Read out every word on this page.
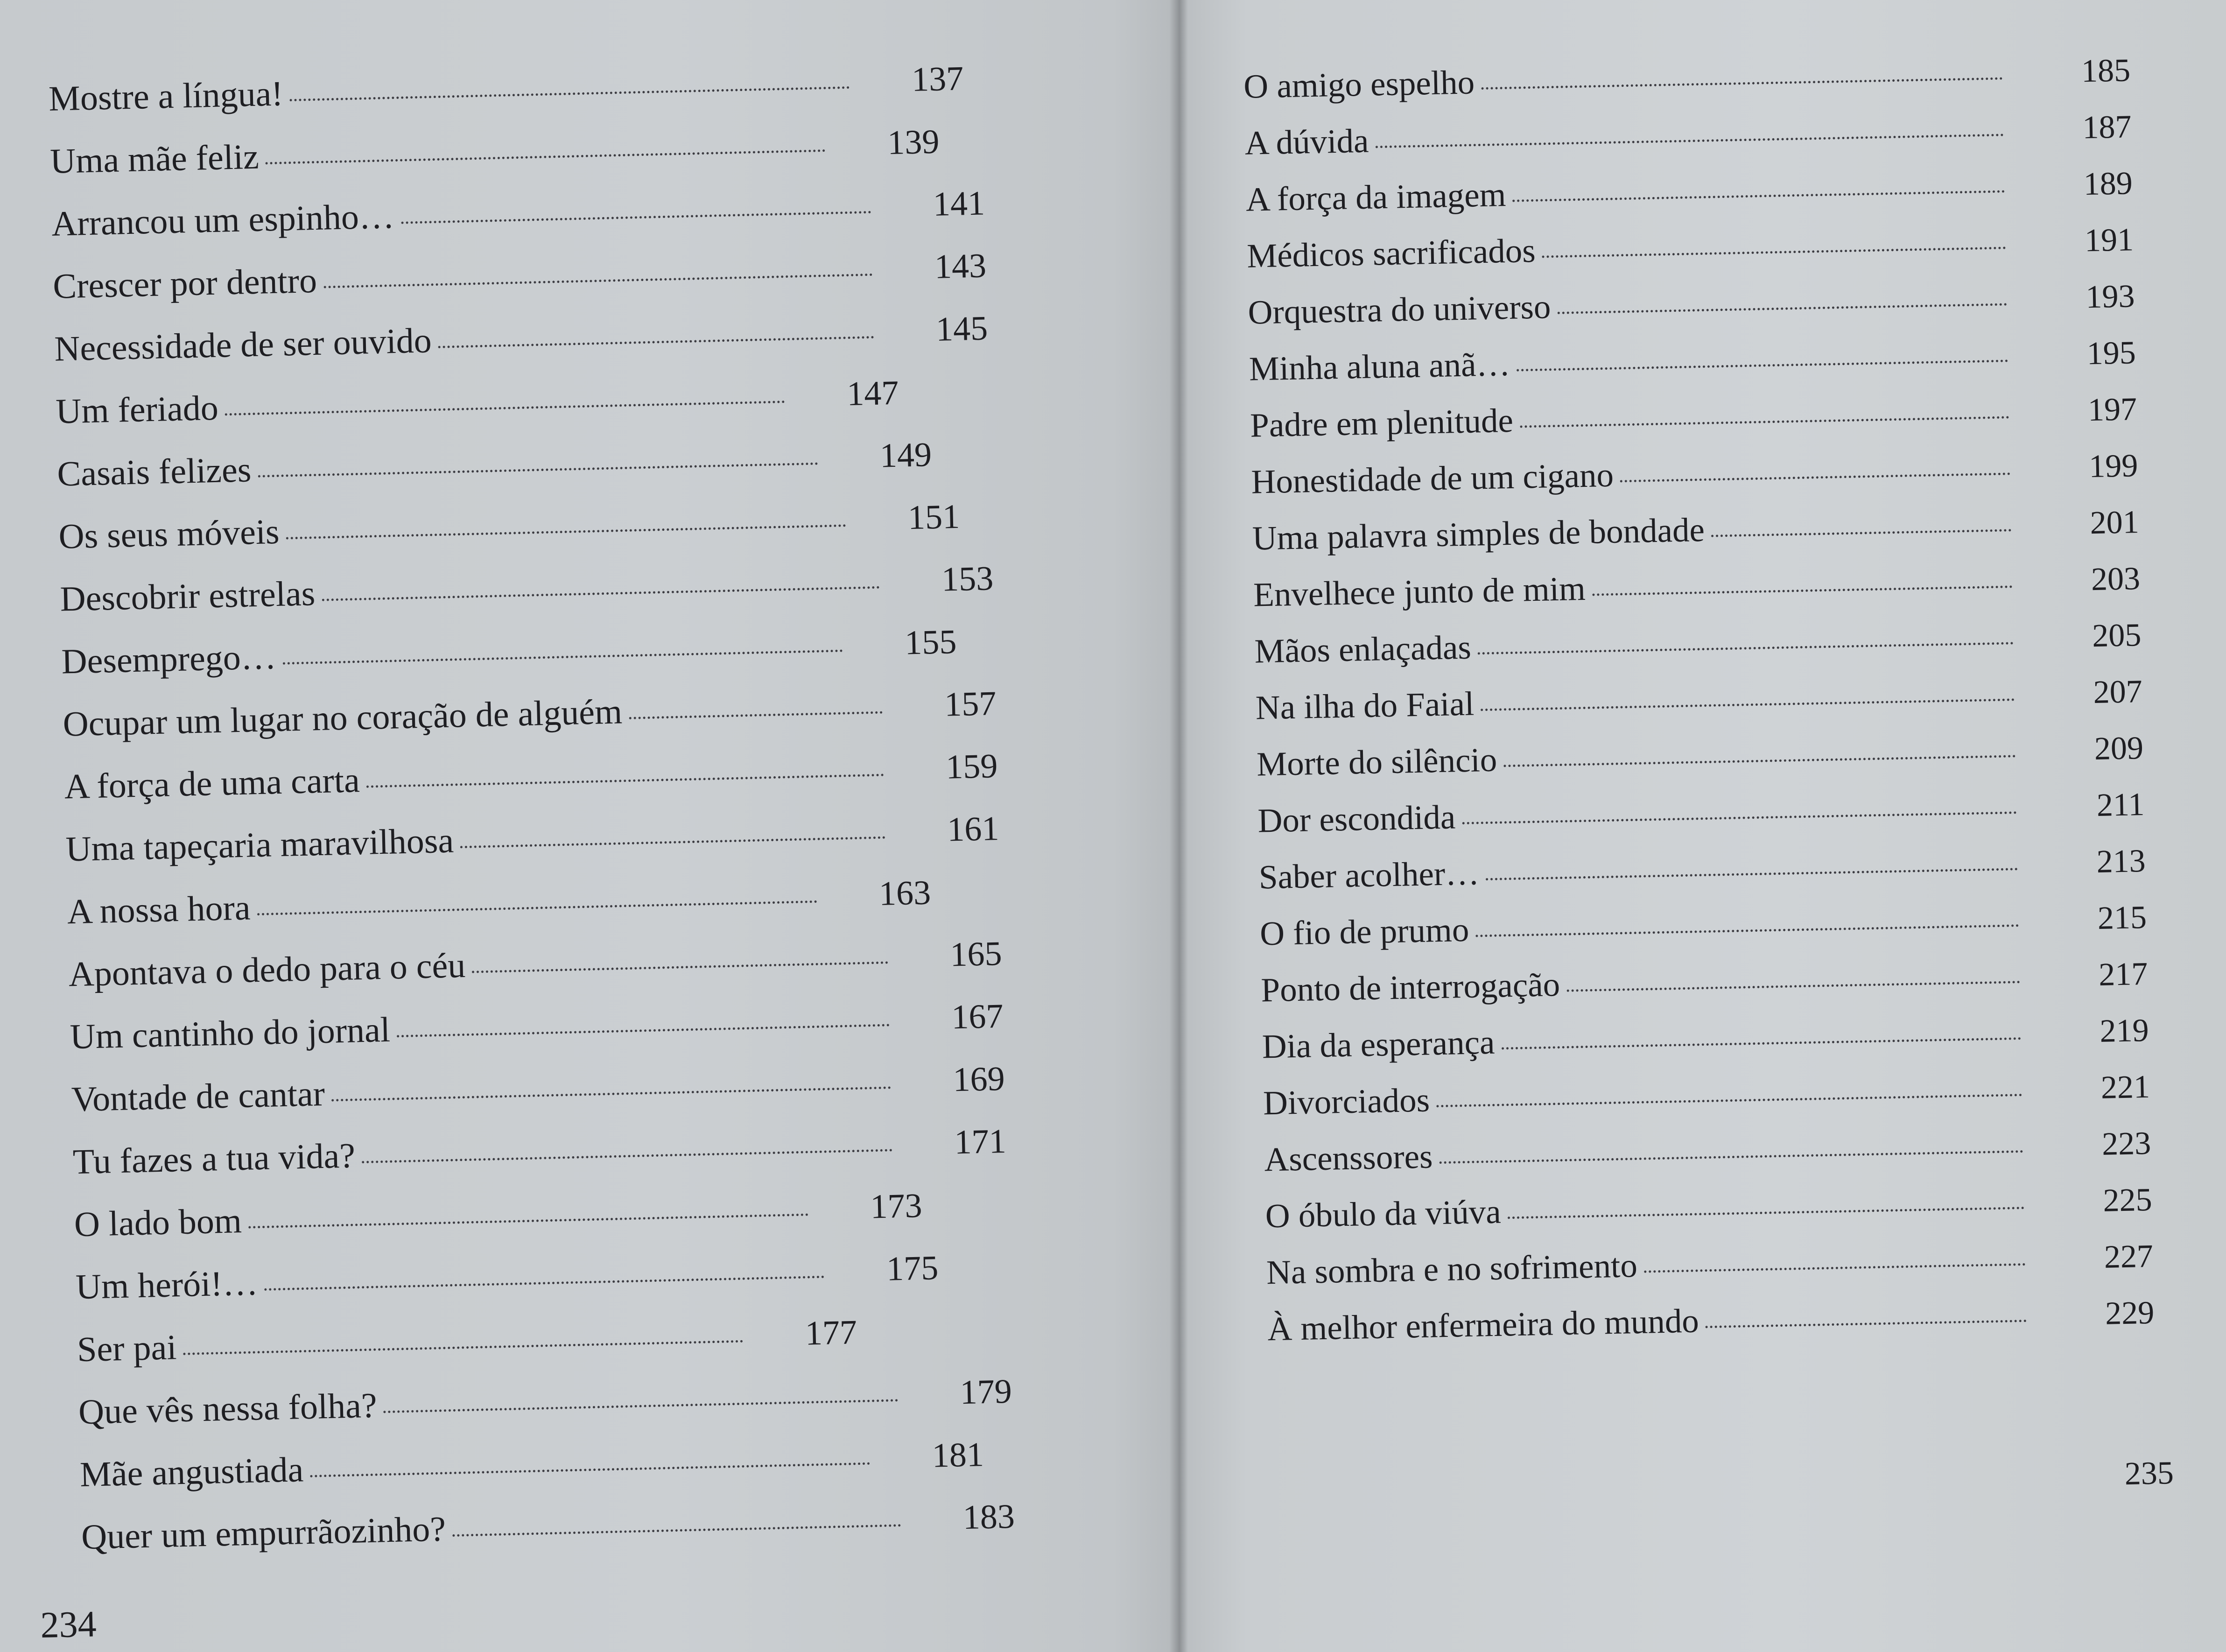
Mostre a língua!	137
Uma mãe feliz	139
Arrancou um espinho…	141
Crescer por dentro	143
Necessidade de ser ouvido	145
Um feriado	147
Casais felizes	149
Os seus móveis	151
Descobrir estrelas	153
Desemprego…	155
Ocupar um lugar no coração de alguém	157
A força de uma carta	159
Uma tapeçaria maravilhosa	161
A nossa hora	163
Apontava o dedo para o céu	165
Um cantinho do jornal	167
Vontade de cantar	169
Tu fazes a tua vida?	171
O lado bom	173
Um herói!…	175
Ser pai	177
Que vês nessa folha?	179
Mãe angustiada	181
Quer um empurrãozinho?	183
234
O amigo espelho	185
A dúvida	187
A força da imagem	189
Médicos sacrificados	191
Orquestra do universo	193
Minha aluna anã…	195
Padre em plenitude	197
Honestidade de um cigano	199
Uma palavra simples de bondade	201
Envelhece junto de mim	203
Mãos enlaçadas	205
Na ilha do Faial	207
Morte do silêncio	209
Dor escondida	211
Saber acolher…	213
O fio de prumo	215
Ponto de interrogação	217
Dia da esperança	219
Divorciados	221
Ascenssores	223
O óbulo da viúva	225
Na sombra e no sofrimento	227
À melhor enfermeira do mundo	229
235
